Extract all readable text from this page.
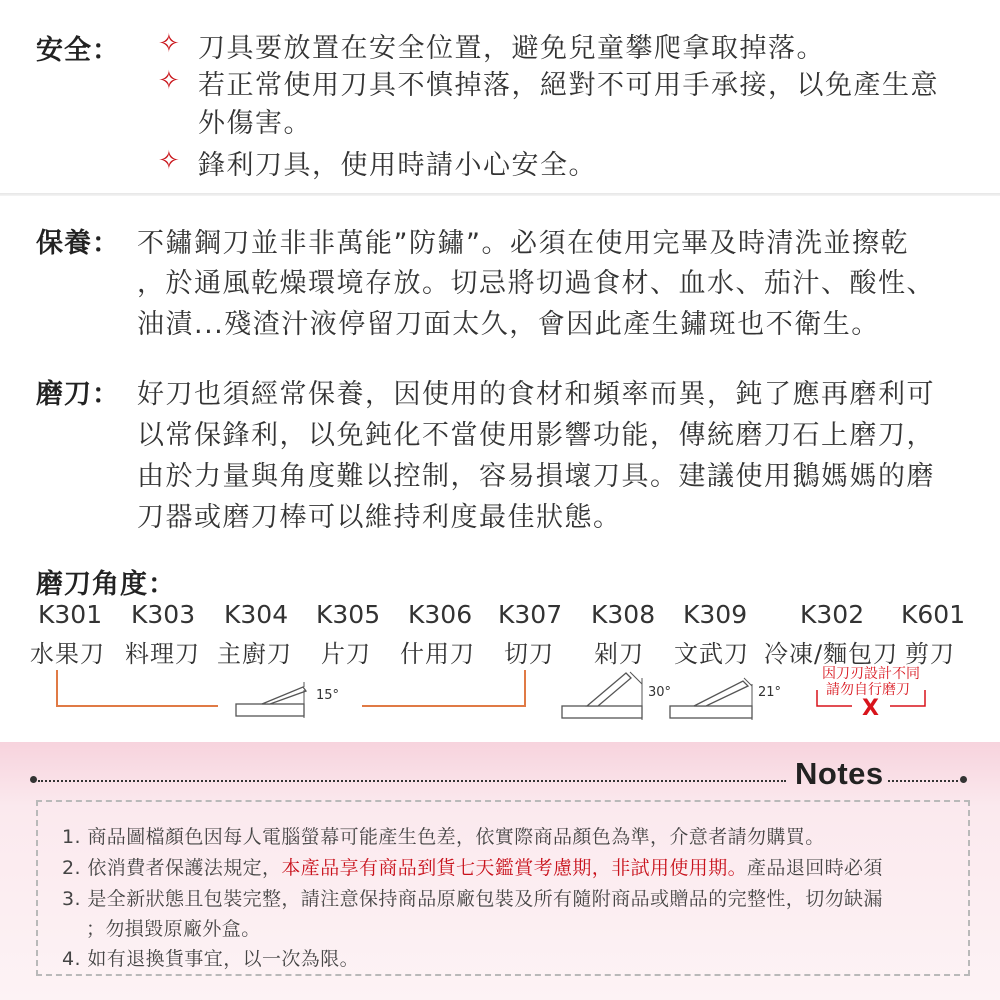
安全： ✧ 刀具要放置在安全位置，避免兒童攀爬拿取掉落。
✧ 若正常使用刀具不慎掉落，絕對不可用手承接，以免產生意
外傷害。
✧ 鋒利刀具，使用時請小心安全。
保養： 不鏽鋼刀並非非萬能”防鏽”。必須在使用完畢及時清洗並擦乾
，於通風乾燥環境存放。切忌將切過食材、血水、茄汁、酸性、
油漬...殘渣汁液停留刀面太久，會因此產生鏽斑也不衛生。
磨刀： 好刀也須經常保養，因使用的食材和頻率而異，鈍了應再磨利可
以常保鋒利，以免鈍化不當使用影響功能，傳統磨刀石上磨刀，
由於力量與角度難以控制，容易損壞刀具。建議使用鵝媽媽的磨
刀器或磨刀棒可以維持利度最佳狀態。
磨刀角度：
K301 K303 K304 K305 K306 K307 K308 K309 K302 K601
水果刀 料理刀 主廚刀 片刀 什用刀 切刀 剁刀 文武刀 冷凍/麵包刀 剪刀
15°	30°	21°
因刀刃設計不同
請勿自行磨刀
X
Notes
1. 商品圖檔顏色因每人電腦螢幕可能產生色差，依實際商品顏色為準，介意者請勿購買。
2. 依消費者保護法規定，本產品享有商品到貨七天鑑賞考慮期，非試用使用期。產品退回時必須
3. 是全新狀態且包裝完整，請注意保持商品原廠包裝及所有隨附商品或贈品的完整性，切勿缺漏
；勿損毀原廠外盒。
4. 如有退換貨事宜，以一次為限。
